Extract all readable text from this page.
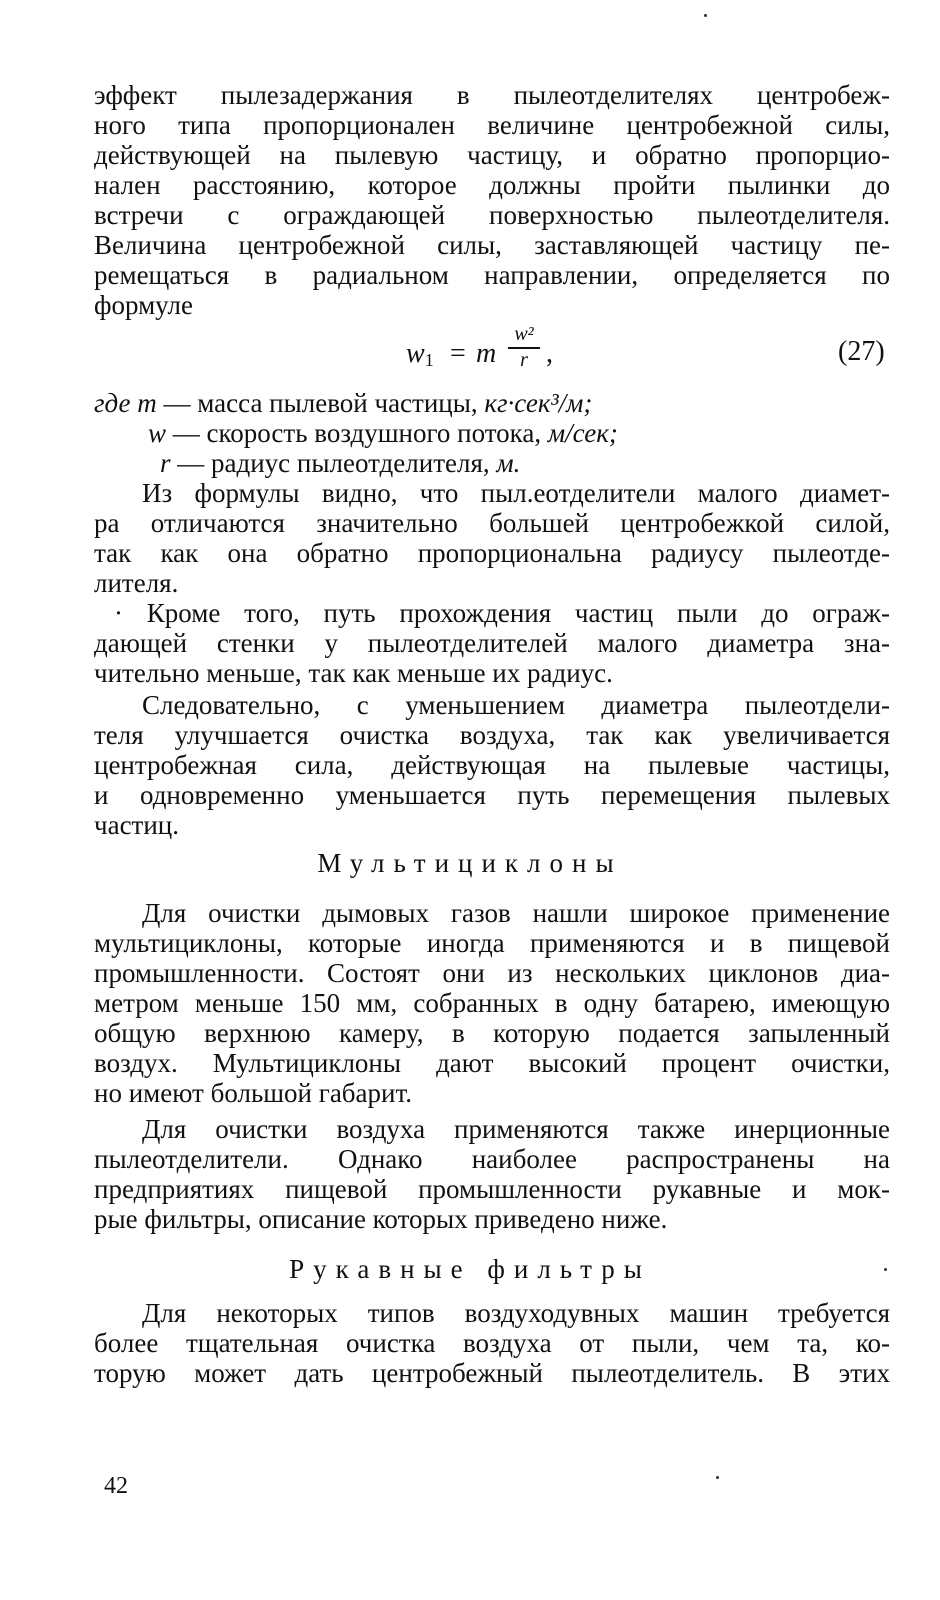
эффект пылезадержания в пылеотделителях центробеж-
ного типа пропорционален величине центробежной силы,
действующей на пылевую частицу, и обратно пропорцио-
нален расстоянию, которое должны пройти пылинки до
встречи с ограждающей поверхностью пылеотделителя.
Величина центробежной силы, заставляющей частицу пе-
ремещаться в радиальном направлении, определяется по
формуле
w1 = m
w²
r ,	(27)
где m — масса пылевой частицы, кг·сек³/м;
w — скорость воздушного потока, м/сек;
r — радиус пылеотделителя, м.
Из формулы видно, что пыл.еотделители малого диамет-
ра отличаются значительно большей центробежкой силой,
так как она обратно пропорциональна радиусу пылеотде-
лителя.
· Кроме того, путь прохождения частиц пыли до ограж-
дающей стенки у пылеотделителей малого диаметра зна-
чительно меньше, так как меньше их радиус.
Следовательно, с уменьшением диаметра пылеотдели-
теля улучшается очистка воздуха, так как увеличивается
центробежная сила, действующая на пылевые частицы,
и одновременно уменьшается путь перемещения пылевых
частиц.
Мультициклоны
Для очистки дымовых газов нашли широкое применение
мультициклоны, которые иногда применяются и в пищевой
промышленности. Состоят они из нескольких циклонов диа-
метром меньше 150 мм, собранных в одну батарею, имеющую
общую верхнюю камеру, в которую подается запыленный
воздух. Мультициклоны дают высокий процент очистки,
но имеют большой габарит.
Для очистки воздуха применяются также инерционные
пылеотделители. Однако наиболее распространены на
предприятиях пищевой промышленности рукавные и мок-
рые фильтры, описание которых приведено ниже.
Рукавные фильтры
Для некоторых типов воздуходувных машин требуется
более тщательная очистка воздуха от пыли, чем та, ко-
торую может дать центробежный пылеотделитель. В этих
42
